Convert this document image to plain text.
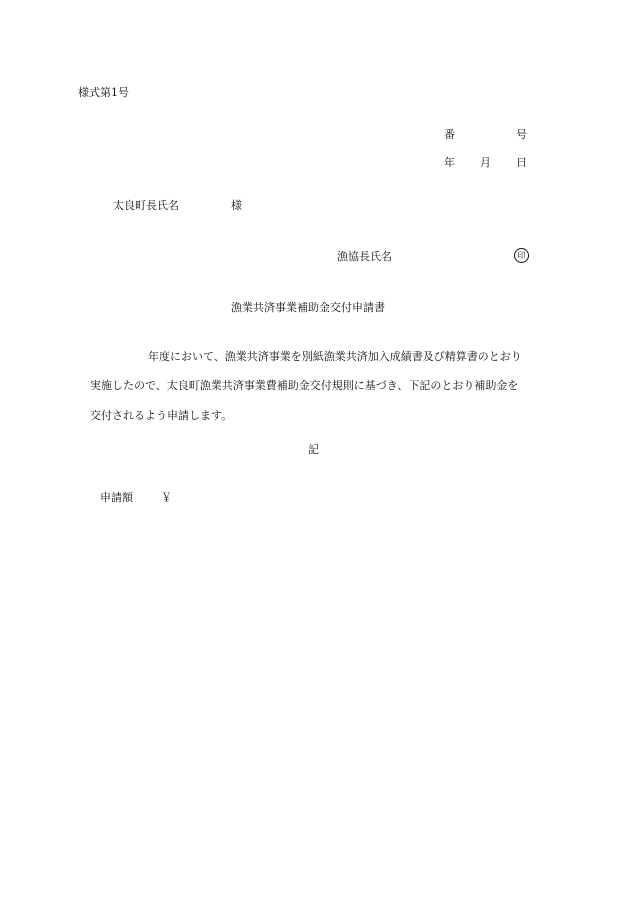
様式第1号
番	号
年 月 日
太良町長氏名	様
漁協長氏名	印
漁業共済事業補助金交付申請書
年度において、漁業共済事業を別紙漁業共済加入成績書及び精算書のとおり
実施したので、太良町漁業共済事業費補助金交付規則に基づき、下記のとおり補助金を
交付されるよう申請します。
記
申請額	￥
